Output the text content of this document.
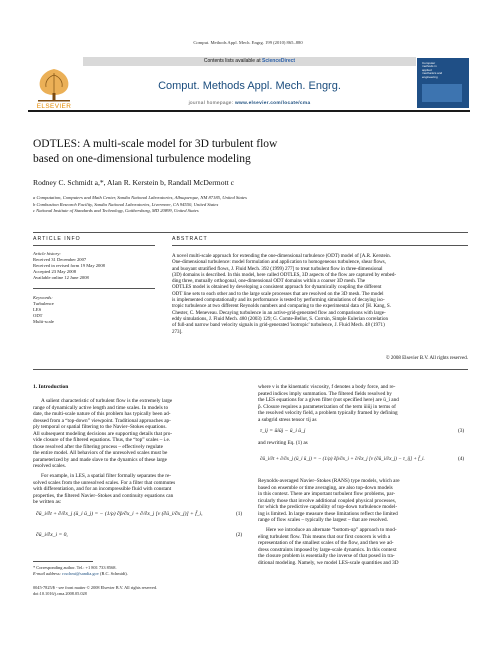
Comput. Methods Appl. Mech. Engrg. 199 (2010) 865–880
Contents lists available at ScienceDirect
ELSEVIER
Comput. Methods Appl. Mech. Engrg.
journal homepage: www.elsevier.com/locate/cma
Computer
methods in
applied
mechanics and
engineering
ODTLES: A multi-scale model for 3D turbulent flow
based on one-dimensional turbulence modeling
Rodney C. Schmidt a,*, Alan R. Kerstein b, Randall McDermott c
a Computation, Computers and Math Center, Sandia National Laboratories, Albuquerque, NM 87185, United States
b Combustion Research Facility, Sandia National Laboratories, Livermore, CA 94550, United States
c National Institute of Standards and Technology, Gaithersburg, MD 20899, United States
ARTICLE INFO	ABSTRACT
Article history:
Received 31 December 2007
Received in revised form 19 May 2008
Accepted 23 May 2008
Available online 12 June 2008
Keywords:
Turbulence
LES
ODT
Multi-scale
A novel multi-scale approach for extending the one-dimensional turbulence (ODT) model of [A.R. Kerstein.
One-dimensional turbulence: model formulation and application to homogeneous turbulence, shear flows,
and buoyant stratified flows, J. Fluid Mech. 392 (1999) 277] to treat turbulent flow in three-dimensional
(3D) domains is described. In this model, here called ODTLES, 3D aspects of the flow are captured by embed-
ding three, mutually orthogonal, one-dimensional ODT domains within a coarser 3D mesh. The
ODTLES model is obtained by developing a consistent approach for dynamically coupling the different
ODT line sets to each other and to the large scale processes that are resolved on the 3D mesh. The model
is implemented computationally and its performance is tested by performing simulations of decaying iso-
tropic turbulence at two different Reynolds numbers and comparing to the experimental data of [H. Kang, S.
Chester, C. Meneveau. Decaying turbulence in an active-grid-generated flow and comparisons with large-
eddy simulations, J. Fluid Mech. 480 (2003) 129; G. Comte-Bellot, S. Corrsin, Simple Eulerian correlation
of full-and narrow band velocity signals in grid-generated 'isotropic' turbulence, J. Fluid Mech. 48 (1971)
273].
© 2008 Elsevier B.V. All rights reserved.
1. Introduction
A salient characteristic of turbulent flow is the extremely large
range of dynamically active length and time scales. In models to
date, the multi-scale nature of this problem has typically been ad-
dressed from a “top-down” viewpoint. Traditional approaches ap-
ply temporal or spatial filtering to the Navier–Stokes equations.
All subsequent modeling decisions are supporting details that pro-
vide closure of the filtered equations. Thus, the “top” scales – i.e.
those resolved after the filtering process – effectively regulate
the entire model. All behaviors of the unresolved scales must be
parameterized by and made slave to the dynamics of these large
resolved scales.
For example, in LES, a spatial filter formally separates the re-
solved scales from the unresolved scales. For a filter that commutes
with differentiation, and for an incompressible fluid with constant
properties, the filtered Navier–Stokes and continuity equations can
be written as:
∂ū_i/∂t + ∂/∂x_j (ū_i ū_j) = − (1/ρ) ∂p̄/∂x_i + ∂/∂x_j [ν (∂ū_i/∂x_j)] + f̄_i,	(1)
∂ū_i/∂x_i = 0,	(2)
* Corresponding author. Tel.: +1 801 733 8568.
E-mail address: rcschmi@sandia.gov (R.C. Schmidt).
0045-7825/$ - see front matter © 2008 Elsevier B.V. All rights reserved.
doi:10.1016/j.cma.2008.05.028
where ν is the kinematic viscosity, f denotes a body force, and re-
peated indices imply summation. The filtered fields resolved by
the LES equations for a given filter (not specified here) are ū_i and
p̄. Closure requires a parameterization of the term ūiūj in terms of
the resolved velocity field, a problem typically framed by defining
a subgrid stress tensor τij as
τ_ij = ūiūj − ū_i ū_j	(3)
and rewriting Eq. (1) as
∂ū_i/∂t + ∂/∂x_j (ū_i ū_j) = − (1/ρ) ∂p̄/∂x_i + ∂/∂x_j [ν (∂ū_i/∂x_j) − τ_ij] + f̄_i.	(4)
Reynolds-averaged Navier–Stokes (RANS) type models, which are
based on ensemble or time averaging, are also top-down models
in this context. There are important turbulent flow problems, par-
ticularly those that involve additional coupled physical processes,
for which the predictive capability of top-down turbulence model-
ing is limited. In large measure these limitations reflect the limited
range of flow scales – typically the largest – that are resolved.
Here we introduce an alternate “bottom-up” approach to mod-
eling turbulent flow. This means that our first concern is with a
representation of the smallest scales of the flow, and then we ad-
dress constraints imposed by large-scale dynamics. In this context
the closure problem is essentially the inverse of that posed in tra-
ditional modeling. Namely, we model LES-scale quantities and 3D
